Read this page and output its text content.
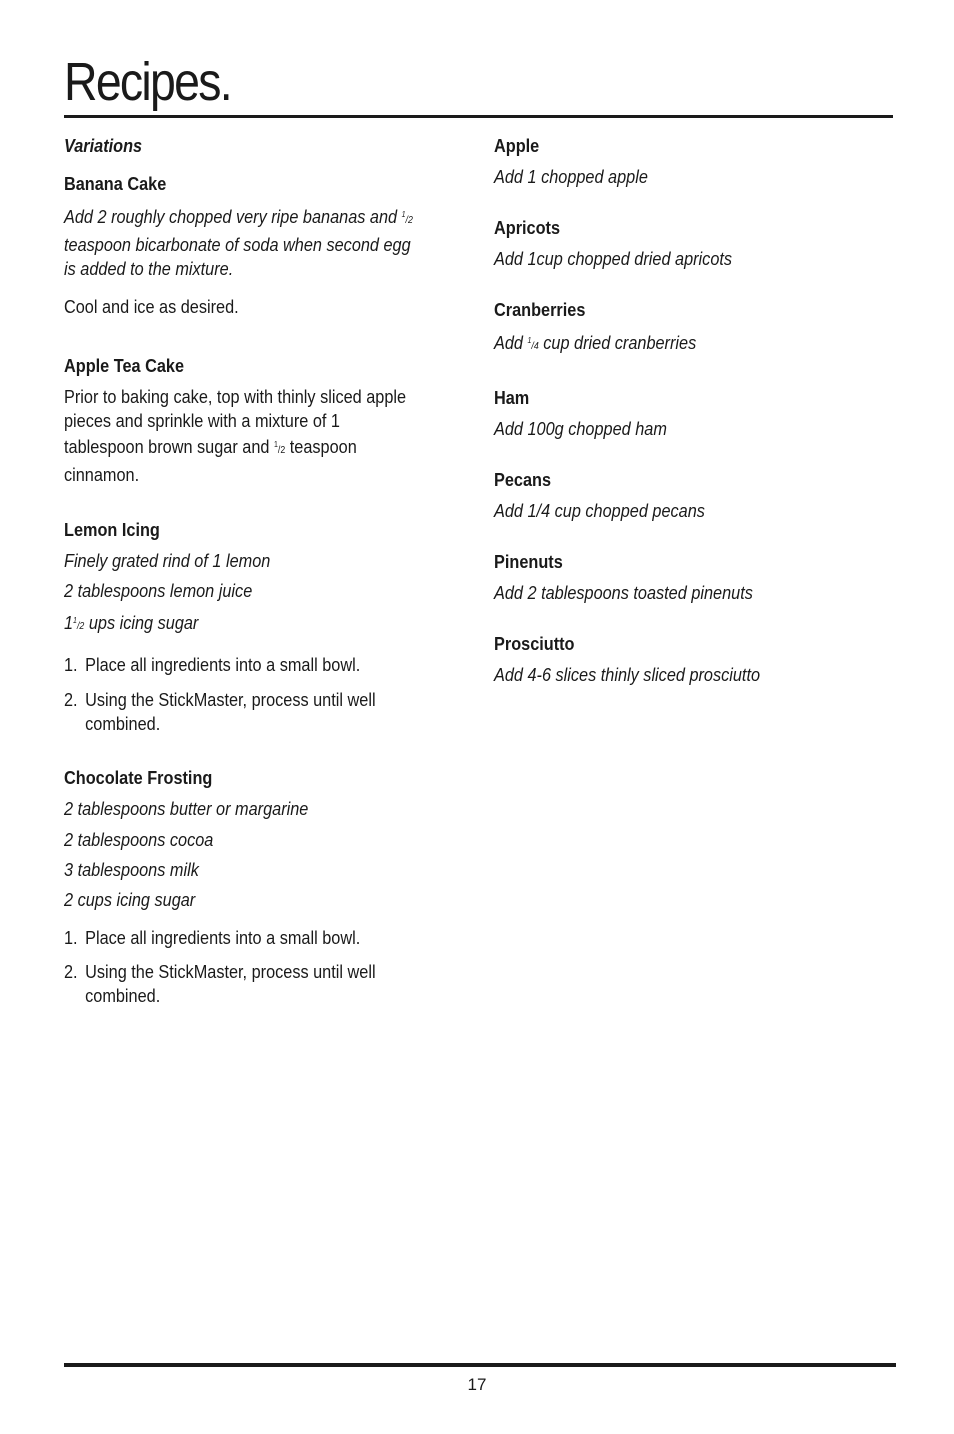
Recipes.
Variations
Banana Cake
Add 2 roughly chopped very ripe bananas and $^1$/2
teaspoon bicarbonate of soda when second egg
is added to the mixture.
Cool and ice as desired.
Apple Tea Cake
Prior to baking cake, top with thinly sliced apple
pieces and sprinkle with a mixture of 1
tablespoon brown sugar and $^1$/2 teaspoon
cinnamon.
Lemon Icing
Finely grated rind of 1 lemon
2 tablespoons lemon juice
$1^1/2$ ups icing sugar
1. Place all ingredients into a small bowl.
2. Using the StickMaster, process until well
combined.
Chocolate Frosting
2 tablespoons butter or margarine
2 tablespoons cocoa
3 tablespoons milk
2 cups icing sugar
1. Place all ingredients into a small bowl.
2. Using the StickMaster, process until well
combined.
Apple
Add 1 chopped apple
Apricots
Add 1cup chopped dried apricots
Cranberries
Add $^1$/4 cup dried cranberries
Ham
Add 100g chopped ham
Pecans
Add 1/4 cup chopped pecans
Pinenuts
Add 2 tablespoons toasted pinenuts
Prosciutto
Add 4-6 slices thinly sliced prosciutto
17
